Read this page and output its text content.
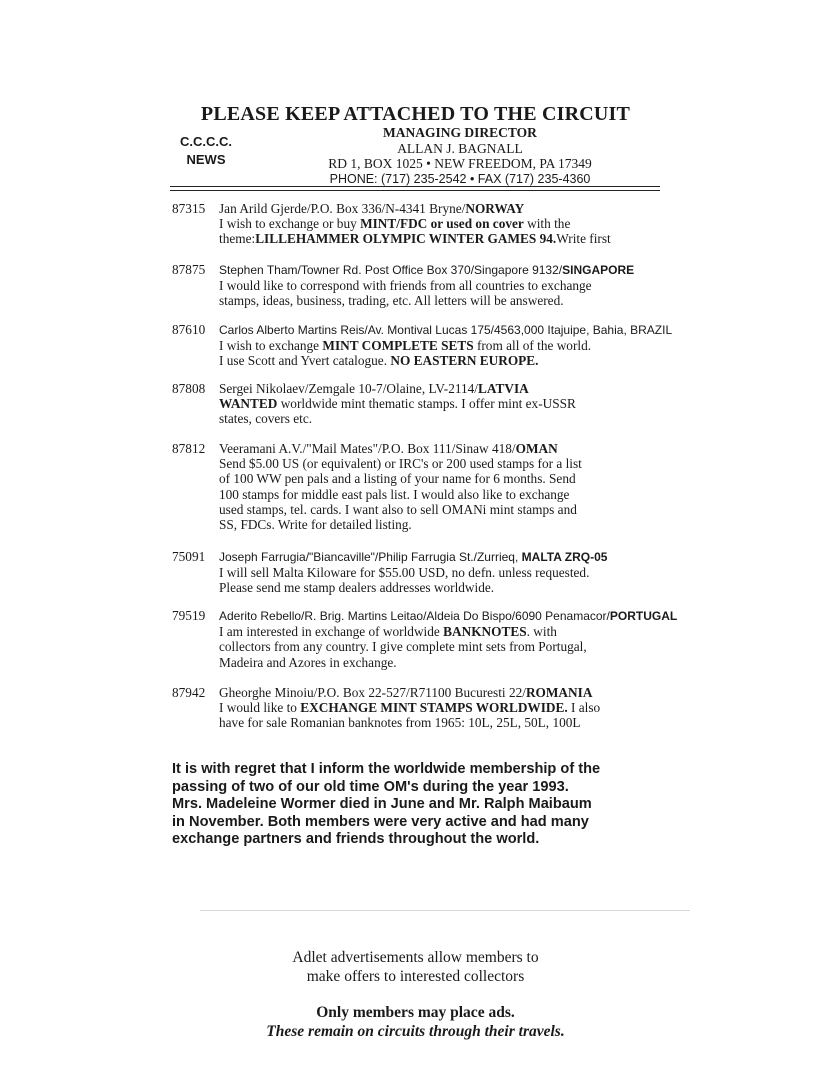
PLEASE KEEP ATTACHED TO THE CIRCUIT
C.C.C.C.
NEWS
MANAGING DIRECTOR
ALLAN J. BAGNALL
RD 1, BOX 1025 • NEW FREEDOM, PA 17349
PHONE: (717) 235-2542 • FAX (717) 235-4360
87315	Jan Arild Gjerde/P.O. Box 336/N-4341 Bryne/NORWAY
I wish to exchange or buy MINT/FDC or used on cover with the
theme:LILLEHAMMER OLYMPIC WINTER GAMES 94.Write first
87875	Stephen Tham/Towner Rd. Post Office Box 370/Singapore 9132/SINGAPORE
I would like to correspond with friends from all countries to exchange
stamps, ideas, business, trading, etc. All letters will be answered.
87610	Carlos Alberto Martins Reis/Av. Montival Lucas 175/4563,000 Itajuipe, Bahia, BRAZIL
I wish to exchange MINT COMPLETE SETS from all of the world.
I use Scott and Yvert catalogue. NO EASTERN EUROPE.
87808	Sergei Nikolaev/Zemgale 10-7/Olaine, LV-2114/LATVIA
WANTED worldwide mint thematic stamps. I offer mint ex-USSR
states, covers etc.
87812	Veeramani A.V./"Mail Mates"/P.O. Box 111/Sinaw 418/OMAN
Send $5.00 US (or equivalent) or IRC's or 200 used stamps for a list
of 100 WW pen pals and a listing of your name for 6 months. Send
100 stamps for middle east pals list. I would also like to exchange
used stamps, tel. cards. I want also to sell OMANi mint stamps and
SS, FDCs. Write for detailed listing.
75091	Joseph Farrugia/"Biancaville"/Philip Farrugia St./Zurrieq, MALTA ZRQ-05
I will sell Malta Kiloware for $55.00 USD, no defn. unless requested.
Please send me stamp dealers addresses worldwide.
79519	Aderito Rebello/R. Brig. Martins Leitao/Aldeia Do Bispo/6090 Penamacor/PORTUGAL
I am interested in exchange of worldwide BANKNOTES. with
collectors from any country. I give complete mint sets from Portugal,
Madeira and Azores in exchange.
87942	Gheorghe Minoiu/P.O. Box 22-527/R71100 Bucuresti 22/ROMANIA
I would like to EXCHANGE MINT STAMPS WORLDWIDE. I also
have for sale Romanian banknotes from 1965: 10L, 25L, 50L, 100L
It is with regret that I inform the worldwide membership of the
passing of two of our old time OM's during the year 1993.
Mrs. Madeleine Wormer died in June and Mr. Ralph Maibaum
in November. Both members were very active and had many
exchange partners and friends throughout the world.
Adlet advertisements allow members to
make offers to interested collectors
Only members may place ads.
These remain on circuits through their travels.
